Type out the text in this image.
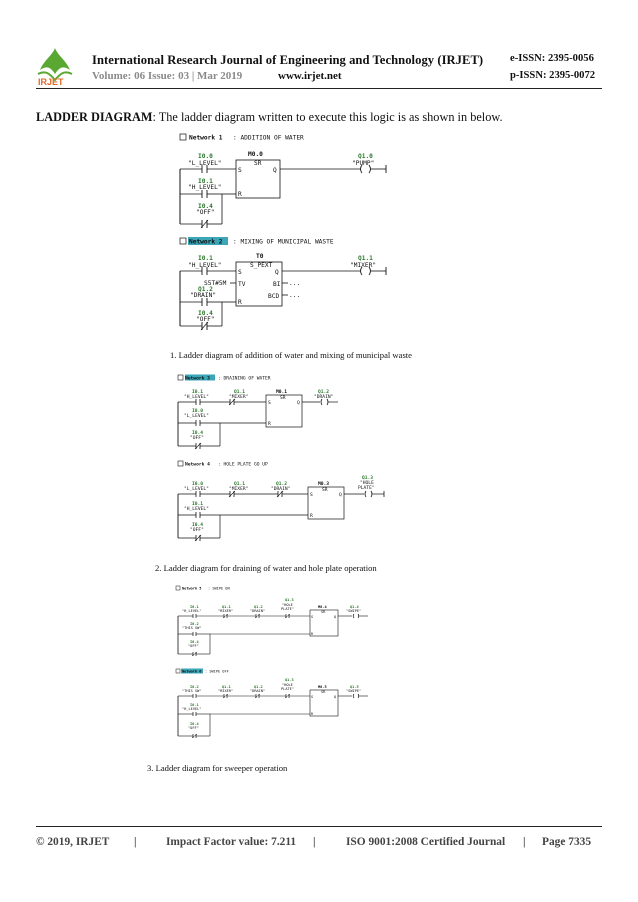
IRJET
International Research Journal of Engineering and Technology (IRJET)	e-ISSN: 2395-0056
Volume: 06 Issue: 03 | Mar 2019	www.irjet.net	p-ISSN: 2395-0072
LADDER DIAGRAM: The ladder diagram written to execute this logic is as shown in below.
Network 1 : ADDITION OF WATER
I0.0
"L_LEVEL"
M0.0
SR
S	Q
R
Q1.0
"PUMP"
I0.1
"H_LEVEL"
I0.4
"OFF"
Network 2 : MIXING OF MUNICIPAL WASTE
I0.1
"H_LEVEL"
T0
S_PEXT
S	Q
TV	BI
BCD
R
...
...
S5T#5M
Q1.1
"MIXER"
Q1.2
"DRAIN"
I0.4
"OFF"
1. Ladder diagram of addition of water and mixing of municipal waste
Network 3 : DRAINING OF WATER
I0.1
"H_LEVEL"
Q1.1
"MIXER"
M0.1
SR
S	Q
R
Q1.2
"DRAIN"
I0.0
"L_LEVEL"
I0.4
"OFF"
Network 4 : HOLE PLATE GO UP
I0.0
"L_LEVEL"
Q1.1
"MIXER"
Q1.2
"DRAIN"
M0.3
SR
S	Q
R
Q1.3
"HOLE
PLATE"
I0.1
"H_LEVEL"
I0.4
"OFF"
2. Ladder diagram for draining of water and hole plate operation
Network 5 : SWIPE ON
I0.1
"H_LEVEL"
Q1.1
"MIXER"
Q1.2
"DRAIN"
Q1.3
"HOLE
PLATE"	M0.4
SR
S	Q
R
Q1.4
"SWIPE"
I0.2
"THIS SW"
I0.4
"OFF"
Network 6 : SWIPE OFF
I0.2
"THIS SW"
Q1.1
"MIXER"
Q1.2
"DRAIN"
Q1.3
"HOLE
PLATE"	M0.5
SR
S	Q
R
Q1.5
"SWIPE"
I0.1
"H_LEVEL"
I0.4
"OFF"
3. Ladder diagram for sweeper operation
© 2019, IRJET |	Impact Factor value: 7.211 |	ISO 9001:2008 Certified Journal | Page 7335
